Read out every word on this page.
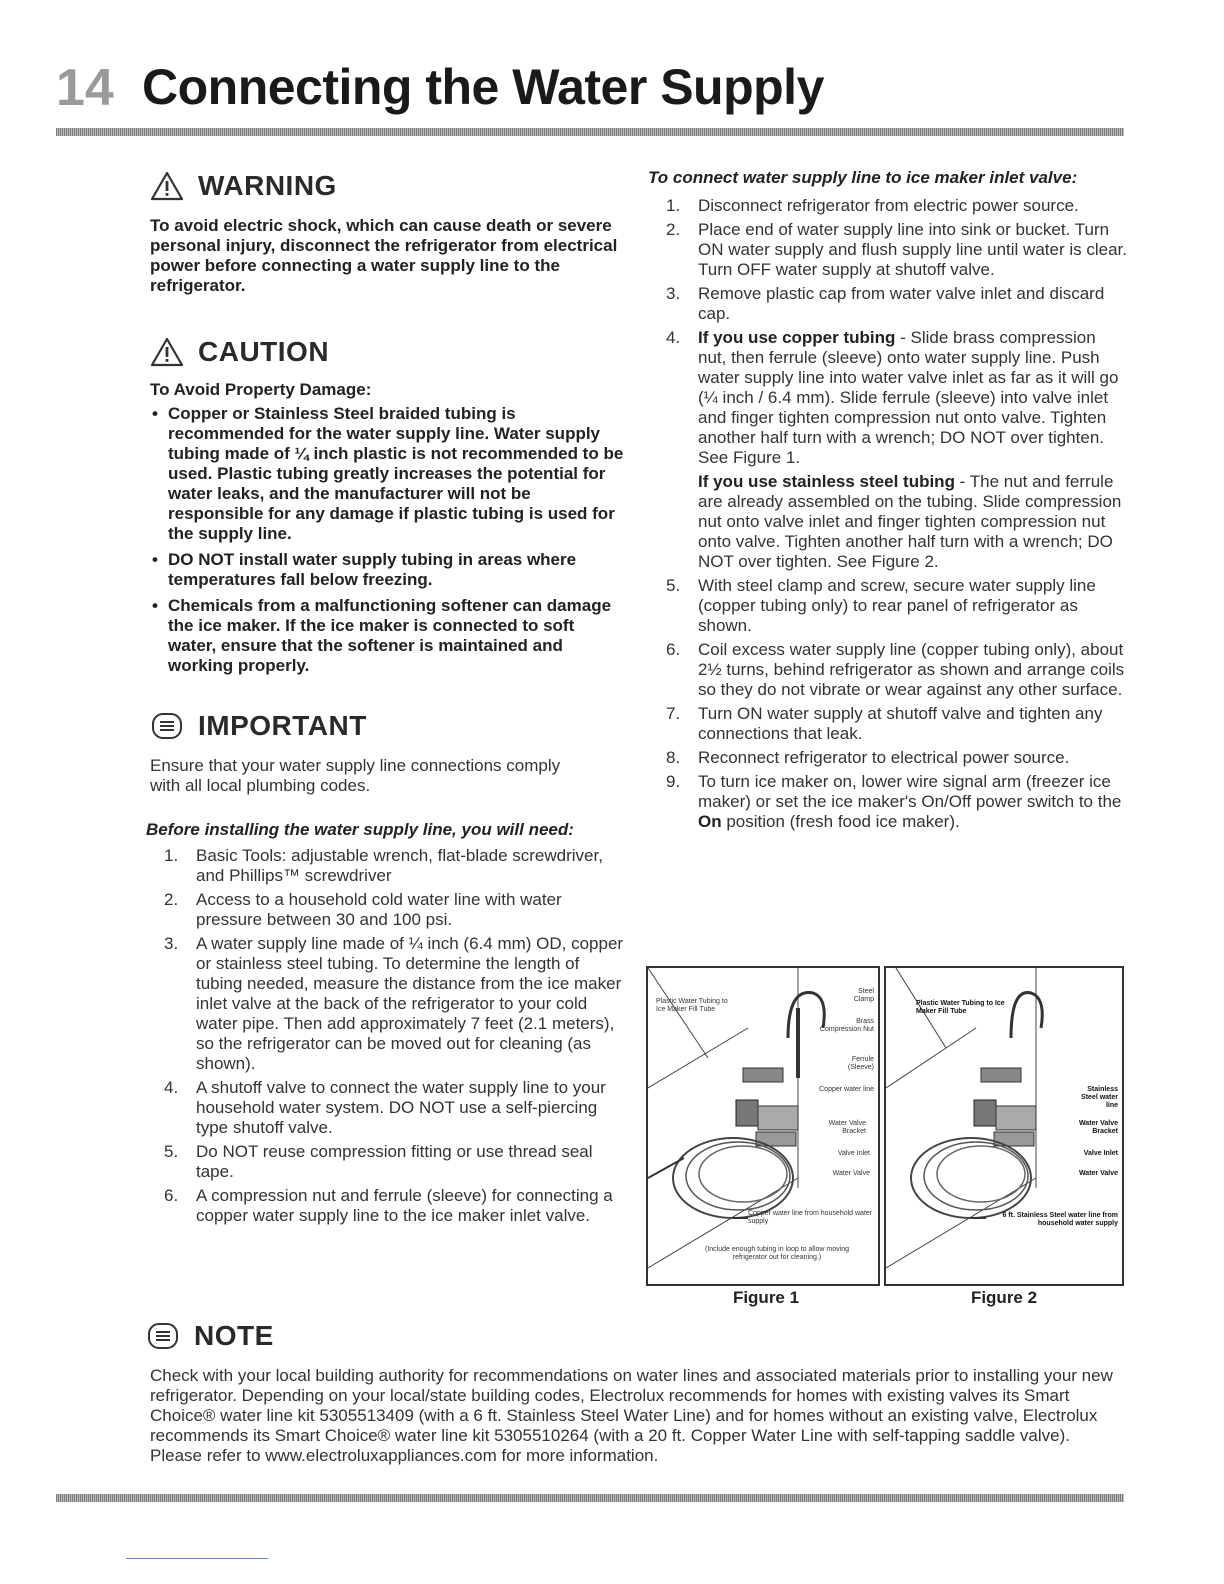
14 Connecting the Water Supply
WARNING
To avoid electric shock, which can cause death or severe personal injury, disconnect the refrigerator from electrical power before connecting a water supply line to the refrigerator.
CAUTION
To Avoid Property Damage:
• Copper or Stainless Steel braided tubing is recommended for the water supply line. Water supply tubing made of ¼ inch plastic is not recommended to be used. Plastic tubing greatly increases the potential for water leaks, and the manufacturer will not be responsible for any damage if plastic tubing is used for the supply line.
• DO NOT install water supply tubing in areas where temperatures fall below freezing.
• Chemicals from a malfunctioning softener can damage the ice maker. If the ice maker is connected to soft water, ensure that the softener is maintained and working properly.
IMPORTANT
Ensure that your water supply line connections comply with all local plumbing codes.
Before installing the water supply line, you will need:
1. Basic Tools: adjustable wrench, flat-blade screwdriver, and Phillips™ screwdriver
2. Access to a household cold water line with water pressure between 30 and 100 psi.
3. A water supply line made of ¼ inch (6.4 mm) OD, copper or stainless steel tubing. To determine the length of tubing needed, measure the distance from the ice maker inlet valve at the back of the refrigerator to your cold water pipe. Then add approximately 7 feet (2.1 meters), so the refrigerator can be moved out for cleaning (as shown).
4. A shutoff valve to connect the water supply line to your household water system. DO NOT use a self-piercing type shutoff valve.
5. Do NOT reuse compression fitting or use thread seal tape.
6. A compression nut and ferrule (sleeve) for connecting a copper water supply line to the ice maker inlet valve.
To connect water supply line to ice maker inlet valve:
1. Disconnect refrigerator from electric power source.
2. Place end of water supply line into sink or bucket. Turn ON water supply and flush supply line until water is clear. Turn OFF water supply at shutoff valve.
3. Remove plastic cap from water valve inlet and discard cap.
4. If you use copper tubing - Slide brass compression nut, then ferrule (sleeve) onto water supply line. Push water supply line into water valve inlet as far as it will go (¼ inch / 6.4 mm). Slide ferrule (sleeve) into valve inlet and finger tighten compression nut onto valve. Tighten another half turn with a wrench; DO NOT over tighten. See Figure 1.
If you use stainless steel tubing - The nut and ferrule are already assembled on the tubing. Slide compression nut onto valve inlet and finger tighten compression nut onto valve. Tighten another half turn with a wrench; DO NOT over tighten. See Figure 2.
5. With steel clamp and screw, secure water supply line (copper tubing only) to rear panel of refrigerator as shown.
6. Coil excess water supply line (copper tubing only), about 2½ turns, behind refrigerator as shown and arrange coils so they do not vibrate or wear against any other surface.
7. Turn ON water supply at shutoff valve and tighten any connections that leak.
8. Reconnect refrigerator to electrical power source.
9. To turn ice maker on, lower wire signal arm (freezer ice maker) or set the ice maker's On/Off power switch to the On position (fresh food ice maker).
Plastic Water Tubing to Ice Maker Fill Tube
Steel Clamp
Brass Compression Nut
Ferrule (Sleeve)
Copper water line
Water Valve Bracket
Valve Inlet
Water Valve
Copper water line from household water supply
(Include enough tubing in loop to allow moving refrigerator out for cleaning.)
Plastic Water Tubing to Ice Maker Fill Tube
Stainless Steel water line
Water Valve Bracket
Valve Inlet
Water Valve
6 ft. Stainless Steel water line from household water supply
Figure 1	Figure 2
NOTE
Check with your local building authority for recommendations on water lines and associated materials prior to installing your new refrigerator. Depending on your local/state building codes, Electrolux recommends for homes with existing valves its Smart Choice® water line kit 5305513409 (with a 6 ft. Stainless Steel Water Line) and for homes without an existing valve, Electrolux recommends its Smart Choice® water line kit 5305510264 (with a 20 ft. Copper Water Line with self-tapping saddle valve). Please refer to www.electroluxappliances.com for more information.
